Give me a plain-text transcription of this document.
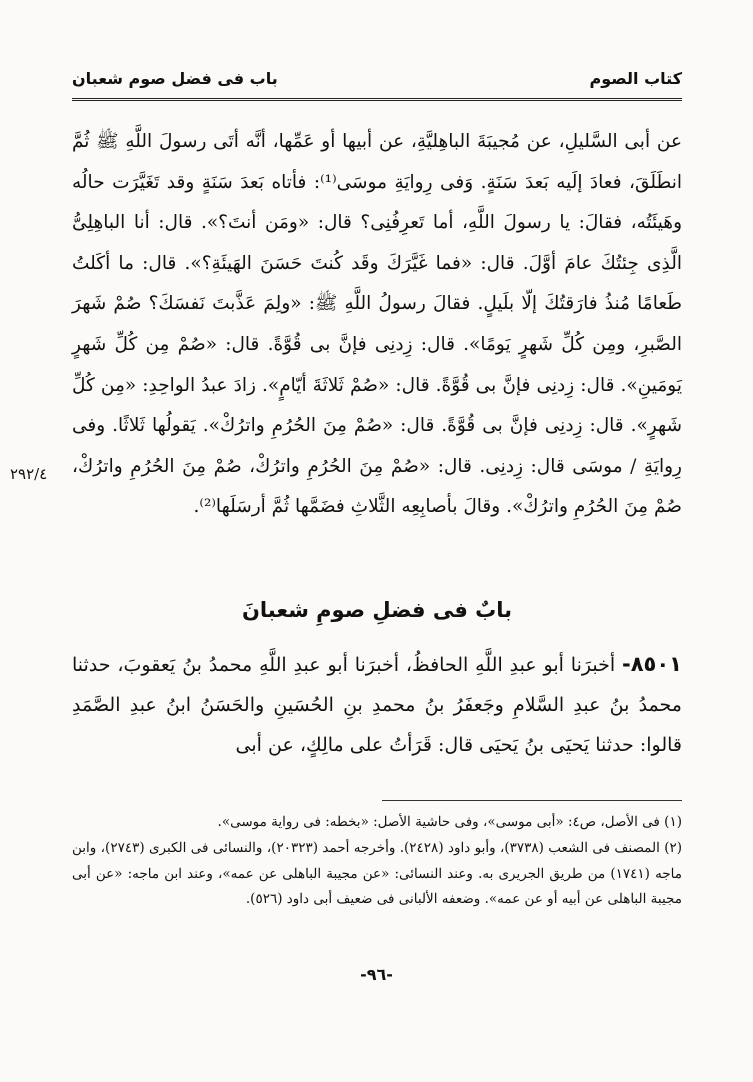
كتاب الصوم
باب فى فضل صوم شعبان

عن أبى السَّليلِ، عن مُجيبَةَ الباهِليَّةِ، عن أبيها أو عَمِّها، أنَّه أتَى رسولَ اللَّهِ ﷺ ثُمَّ انطَلَقَ، فعادَ إلَيه بَعدَ سَنَةٍ. وَفى رِوايَةِ موسَى⁽¹⁾: فأتاه بَعدَ سَنَةٍ وقد تَغَيَّرَت حالُه وهَيئَتُه، فقالَ: يا رسولَ اللَّهِ، أما تَعرِفُنِى؟ قال: «ومَن أنتَ؟». قال: أنا الباهِلِىُّ الَّذِى جِئتُكَ عامَ أوَّلَ. قال: «فما غَيَّرَكَ وقَد كُنتَ حَسَنَ الهَيئَةِ؟». قال: ما أكَلتُ طَعامًا مُنذُ فارَقتُكَ إلّا بلَيلٍ. فقالَ رسولُ اللَّهِ ﷺ: «ولِمَ عَذَّبتَ نَفسَكَ؟ صُمْ شَهرَ الصَّبرِ، ومِن كُلِّ شَهرٍ يَومًا». قال: زِدنِى فإنَّ بى قُوَّةً. قال: «صُمْ مِن كُلِّ شَهرٍ يَومَينِ». قال: زِدنِى فإنَّ بى قُوَّةً. قال: «صُمْ ثَلاثَةَ أيّامٍ». زادَ عبدُ الواحِدِ: «مِن كُلِّ شَهرٍ». قال: زِدنِى فإنَّ بى قُوَّةً. قال: «صُمْ مِنَ الحُرُمِ واترُكْ». يَقولُها ثَلاثًا. وفى رِوايَةِ / موسَى قال: زِدنِى. قال: «صُمْ مِنَ الحُرُمِ واترُكْ، صُمْ مِنَ الحُرُمِ واترُكْ، صُمْ مِنَ الحُرُمِ واترُكْ». وقالَ بأصابِعِه الثَّلاثِ فضَمَّها ثُمَّ أرسَلَها⁽²⁾.

٢٩٢/٤
بابٌ فى فضلِ صومِ شعبانَ

٨٥٠١- أخبرَنا أبو عبدِ اللَّهِ الحافظُ، أخبرَنا أبو عبدِ اللَّهِ محمدُ بنُ يَعقوبَ، حدثنا محمدُ بنُ عبدِ السَّلامِ وجَعفَرُ بنُ محمدِ بنِ الحُسَينِ والحَسَنُ ابنُ عبدِ الصَّمَدِ قالوا: حدثنا يَحيَى بنُ يَحيَى قال: قَرَأتُ على مالِكٍ، عن أبى

(١) فى الأصل، ص٤: «أبى موسى»، وفى حاشية الأصل: «بخطه: فى رواية موسى».

(٢) المصنف فى الشعب (٣٧٣٨)، وأبو داود (٢٤٢٨). وأخرجه أحمد (٢٠٣٢٣)، والنسائى فى الكبرى (٢٧٤٣)، وابن ماجه (١٧٤١) من طريق الجريرى به. وعند النسائى: «عن مجيبة الباهلى عن عمه»، وعند ابن ماجه: «عن أبى مجيبة الباهلى عن أبيه أو عن عمه». وضعفه الألبانى فى ضعيف أبى داود (٥٢٦).

-٩٦-
